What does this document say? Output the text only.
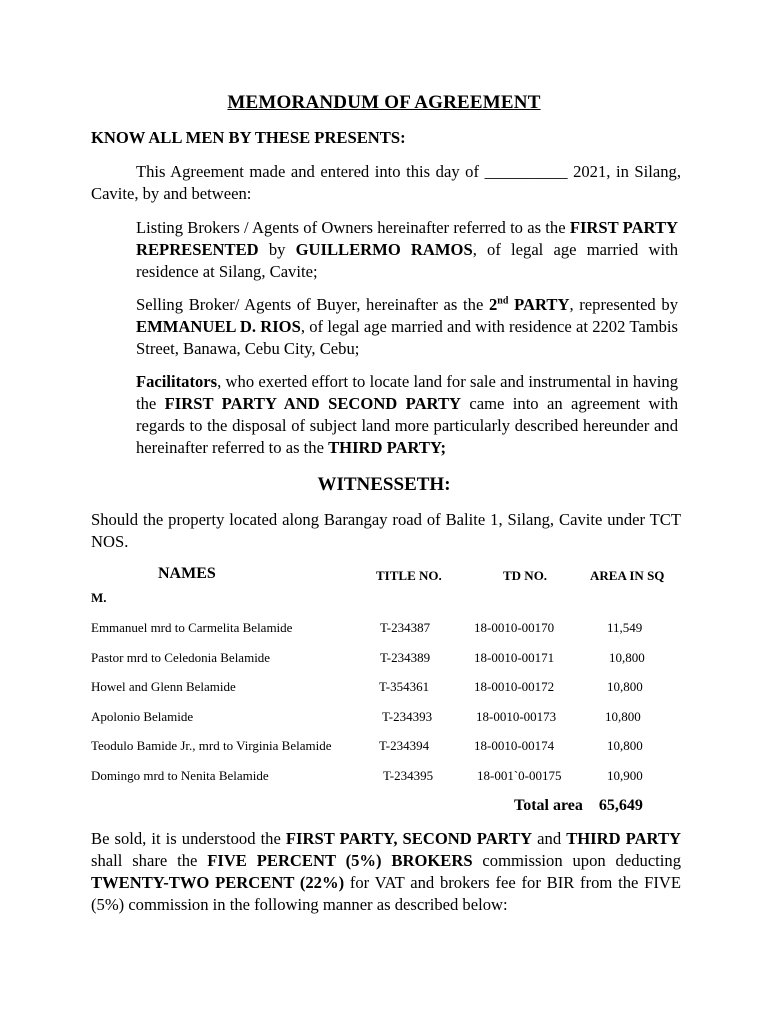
MEMORANDUM OF AGREEMENT
KNOW ALL MEN BY THESE PRESENTS:
This Agreement made and entered into this day of __________ 2021, in Silang, Cavite, by and between:
Listing Brokers / Agents of Owners hereinafter referred to as the FIRST PARTY REPRESENTED by GUILLERMO RAMOS, of legal age married with residence at Silang, Cavite;
Selling Broker/ Agents of Buyer, hereinafter as the 2nd PARTY, represented by EMMANUEL D. RIOS, of legal age married and with residence at 2202 Tambis Street, Banawa, Cebu City, Cebu;
Facilitators, who exerted effort to locate land for sale and instrumental in having the FIRST PARTY AND SECOND PARTY came into an agreement with regards to the disposal of subject land more particularly described hereunder and hereinafter referred to as the THIRD PARTY;
WITNESSETH:
Should the property located along Barangay road of Balite 1, Silang, Cavite under TCT NOS.
NAMES	TITLE NO.	TD NO.	AREA IN SQ
M.
Emmanuel mrd to Carmelita Belamide	T-234387	18-0010-00170	11,549
Pastor mrd to Celedonia Belamide	T-234389	18-0010-00171	10,800
Howel and Glenn Belamide	T-354361	18-0010-00172	10,800
Apolonio Belamide	T-234393	18-0010-00173	10,800
Teodulo Bamide Jr., mrd to Virginia Belamide	T-234394	18-0010-00174	10,800
Domingo mrd to Nenita Belamide	T-234395	18-001`0-00175	10,900
Total area 65,649
Be sold, it is understood the FIRST PARTY, SECOND PARTY and THIRD PARTY shall share the FIVE PERCENT (5%) BROKERS commission upon deducting TWENTY-TWO PERCENT (22%) for VAT and brokers fee for BIR from the FIVE (5%) commission in the following manner as described below:
